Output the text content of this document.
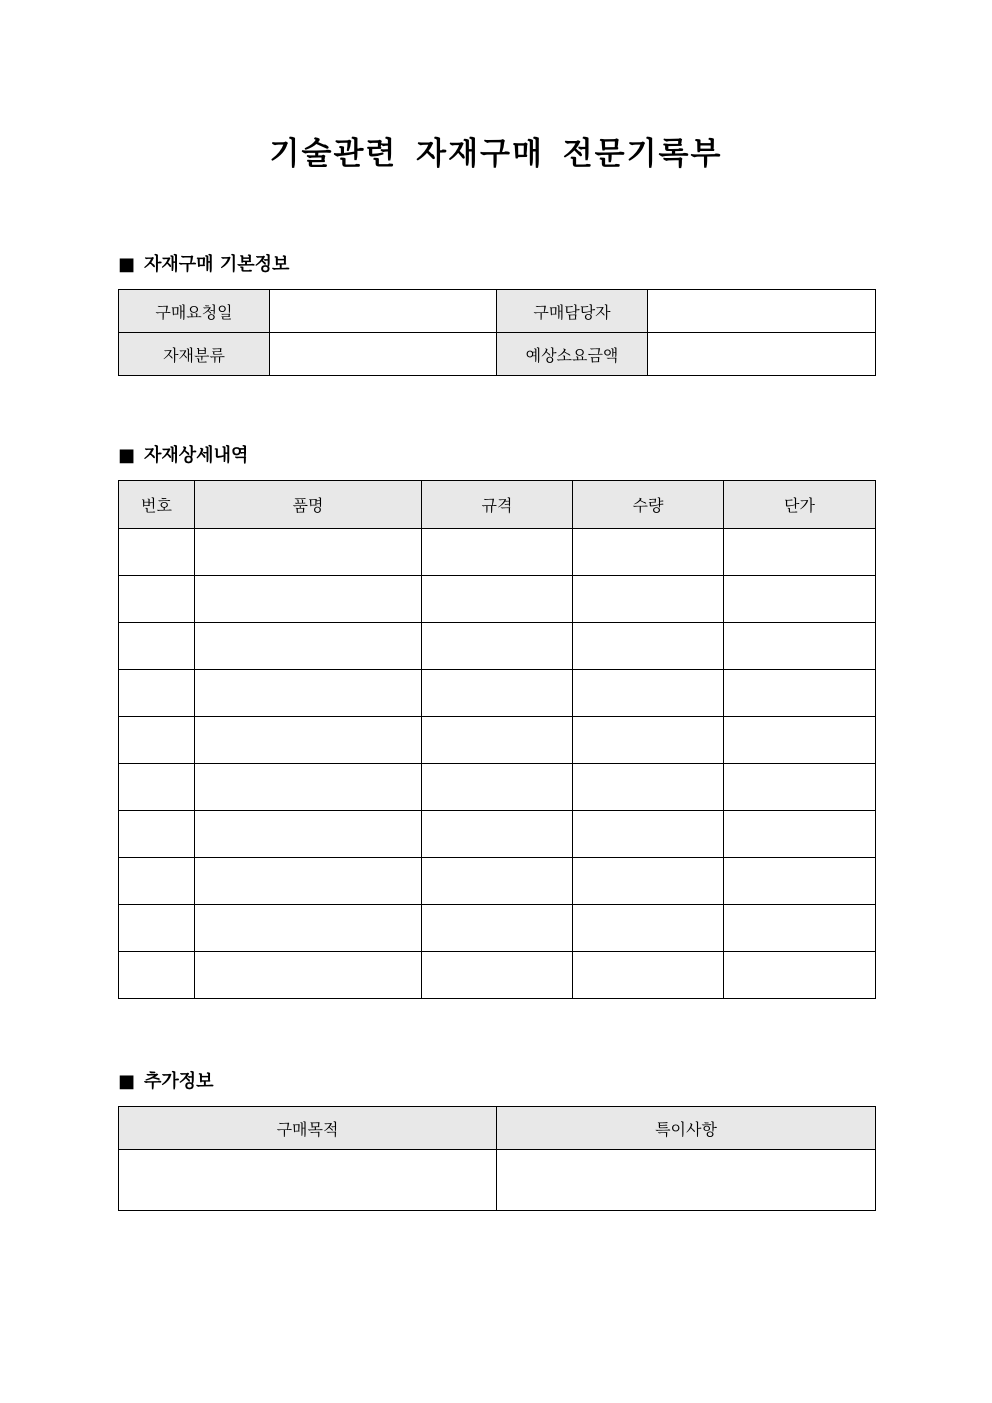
기술관련 자재구매 전문기록부
■ 자재구매 기본정보
구매요청일		구매담당자	
자재분류		예상소요금액	
■ 자재상세내역
번호	품명	규격	수량	단가

■ 추가정보
구매목적	특이사항
